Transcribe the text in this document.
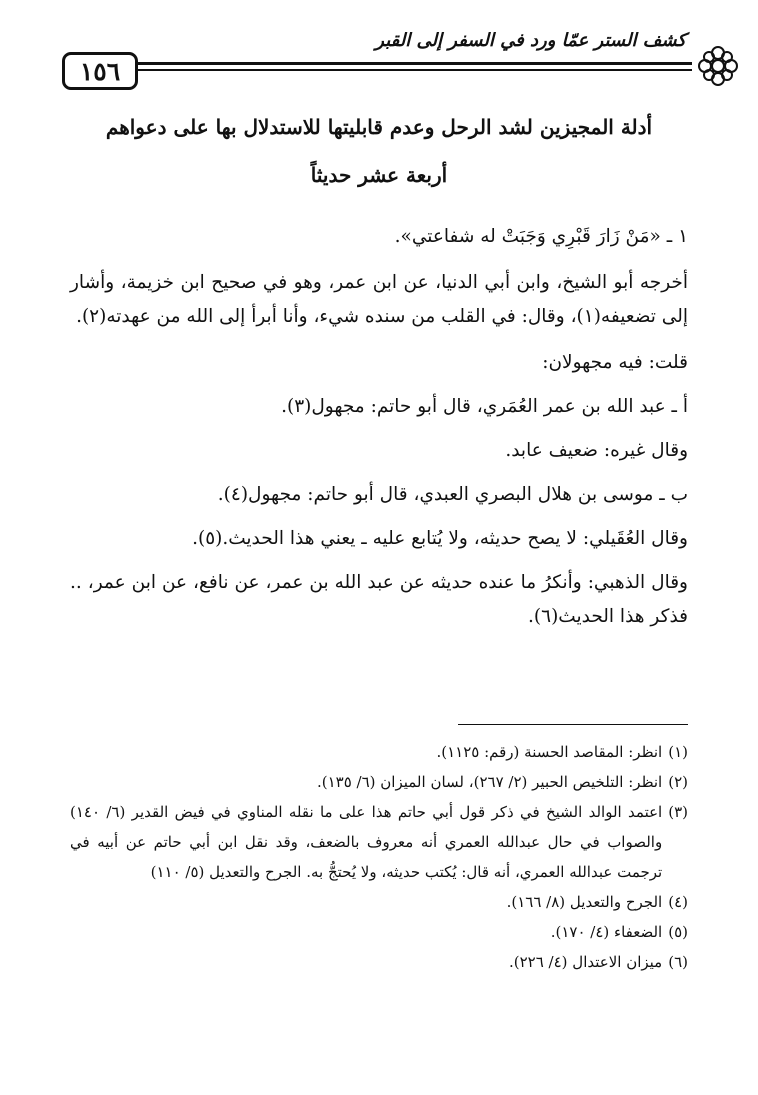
١٥٦
كشف الستر عمّا ورد في السفر إلى القبر
أدلة المجيزين لشد الرحل وعدم قابليتها للاستدلال بها على دعواهم
أربعة عشر حديثاً

١ ـ «مَنْ زَارَ قَبْرِي وَجَبَتْ له شفاعتي».

أخرجه أبو الشيخ، وابن أبي الدنيا، عن ابن عمر، وهو في صحيح ابن خزيمة، وأشار إلى تضعيفه(١)، وقال: في القلب من سنده شيء، وأنا أبرأ إلى الله من عهدته(٢).

قلت: فيه مجهولان:

أ ـ عبد الله بن عمر العُمَري، قال أبو حاتم: مجهول(٣).

وقال غيره: ضعيف عابد.

ب ـ موسى بن هلال البصري العبدي، قال أبو حاتم: مجهول(٤).

وقال العُقَيلي: لا يصح حديثه، ولا يُتابع عليه ـ يعني هذا الحديث.(٥).

وقال الذهبي: وأنكرُ ما عنده حديثه عن عبد الله بن عمر، عن نافع، عن ابن عمر، .. فذكر هذا الحديث(٦).

(١)
انظر: المقاصد الحسنة (رقم: ١١٢٥).
(٢)
انظر: التلخيص الحبير (٢/ ٢٦٧)، لسان الميزان (٦/ ١٣٥).
(٣)
اعتمد الوالد الشيخ في ذكر قول أبي حاتم هذا على ما نقله المناوي في فيض القدير (٦/ ١٤٠) والصواب في حال عبدالله العمري أنه معروف بالضعف، وقد نقل ابن أبي حاتم عن أبيه في ترجمت عبدالله العمري، أنه قال: يُكتب حديثه، ولا يُحتجُّ به. الجرح والتعديل (٥/ ١١٠)
(٤)
الجرح والتعديل (٨/ ١٦٦).
(٥)
الضعفاء (٤/ ١٧٠).
(٦)
ميزان الاعتدال (٤/ ٢٢٦).
